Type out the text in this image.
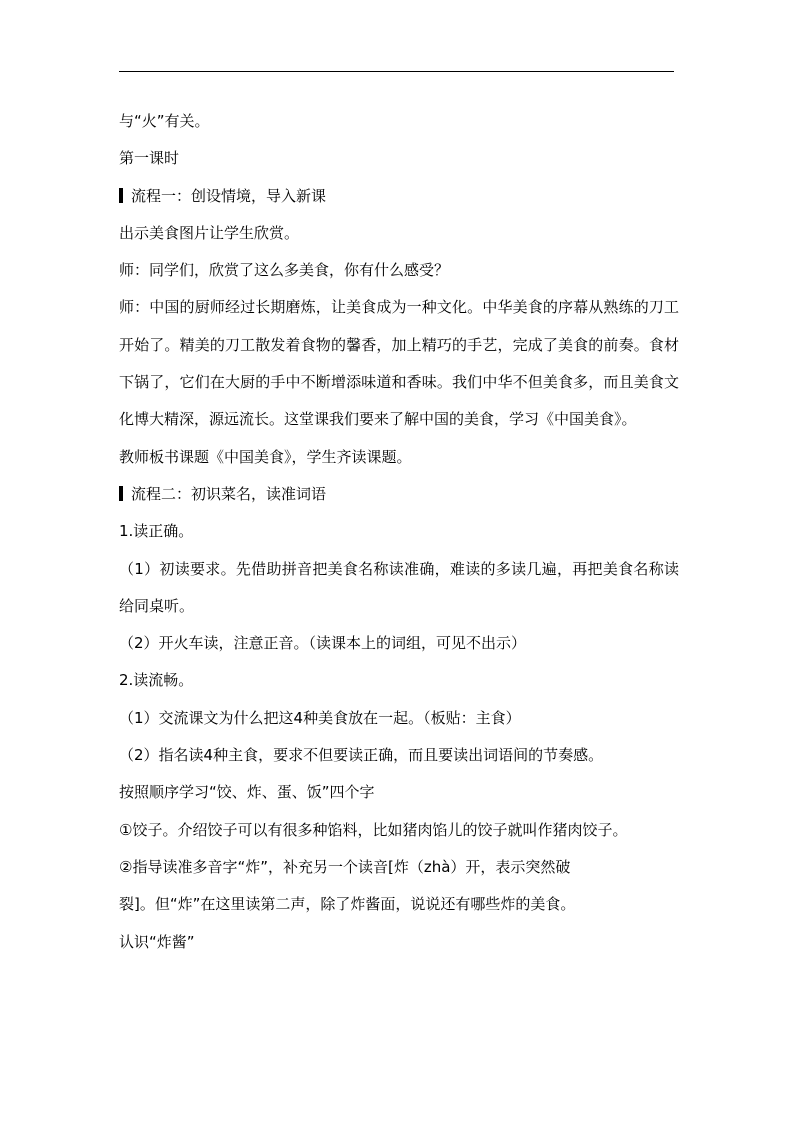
与“火”有关。
第一课时
流程一：创设情境，导入新课
出示美食图片让学生欣赏。
师：同学们，欣赏了这么多美食，你有什么感受？
师：中国的厨师经过长期磨炼，让美食成为一种文化。中华美食的序幕从熟练的刀工开始了。精美的刀工散发着食物的馨香，加上精巧的手艺，完成了美食的前奏。食材下锅了，它们在大厨的手中不断增添味道和香味。我们中华不但美食多，而且美食文化博大精深，源远流长。这堂课我们要来了解中国的美食，学习《中国美食》。
教师板书课题《中国美食》，学生齐读课题。
流程二：初识菜名，读准词语
1.读正确。
（1）初读要求。先借助拼音把美食名称读准确，难读的多读几遍，再把美食名称读给同桌听。
（2）开火车读，注意正音。（读课本上的词组，可见不出示）
2.读流畅。
（1）交流课文为什么把这4种美食放在一起。（板贴：主食）
（2）指名读4种主食，要求不但要读正确，而且要读出词语间的节奏感。
按照顺序学习“饺、炸、蛋、饭”四个字
①饺子。介绍饺子可以有很多种馅料，比如猪肉馅儿的饺子就叫作猪肉饺子。
②指导读准多音字“炸”，补充另一个读音[炸（zhà）开，表示突然破
裂]。但“炸”在这里读第二声，除了炸酱面，说说还有哪些炸的美食。
认识“炸酱”
